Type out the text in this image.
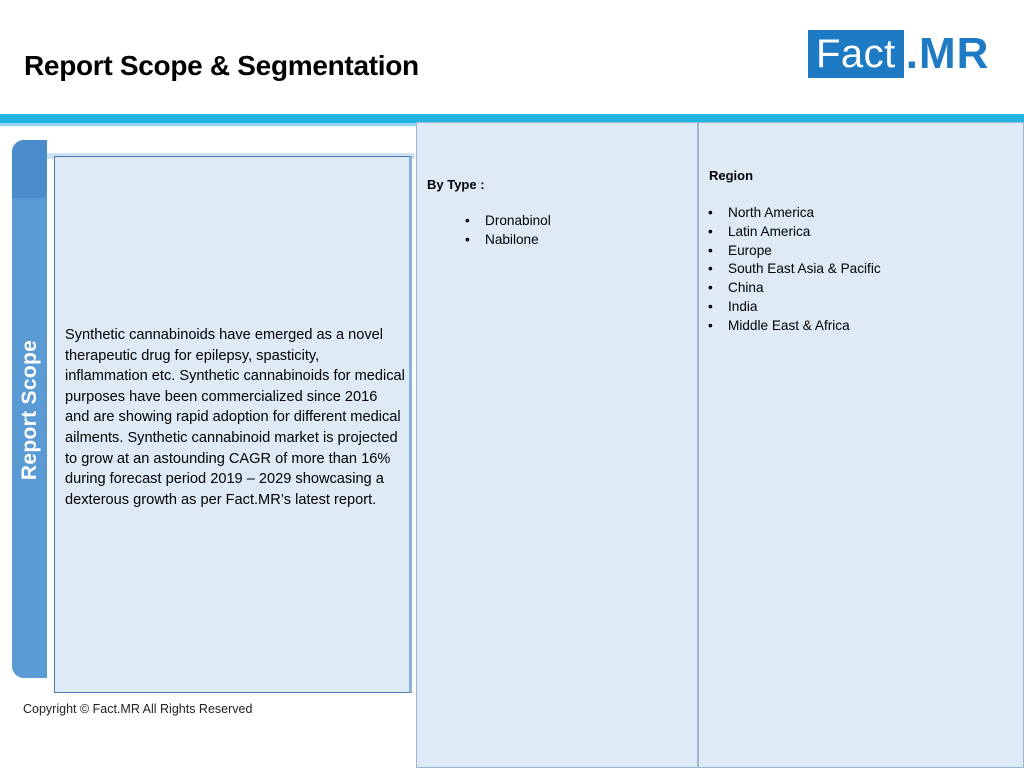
Report Scope & Segmentation	Fact .MR
By Type :
• Dronabinol
• Nabilone
Region
• North America
• Latin America
• Europe
• South East Asia & Pacific
• China
• India
• Middle East & Africa
Report Scope
Synthetic cannabinoids have emerged as a novel therapeutic drug for epilepsy, spasticity, inflammation etc. Synthetic cannabinoids for medical purposes have been commercialized since 2016 and are showing rapid adoption for different medical ailments. Synthetic cannabinoid market is projected to grow at an astounding CAGR of more than 16% during forecast period 2019 – 2029 showcasing a dexterous growth as per Fact.MR’s latest report.
Copyright © Fact.MR All Rights Reserved
